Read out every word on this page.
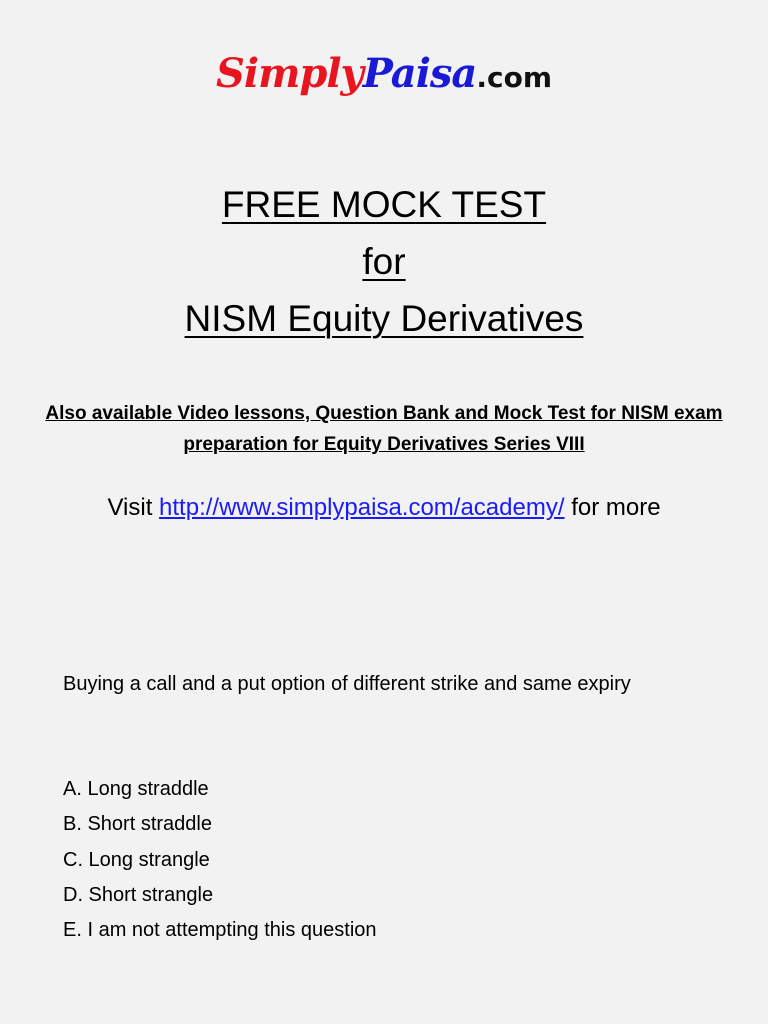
SimplyPaisa.com
FREE MOCK TEST
for
NISM Equity Derivatives
Also available Video lessons, Question Bank and Mock Test for NISM exam preparation for Equity Derivatives Series VIII
Visit http://www.simplypaisa.com/academy/ for more
Buying a call and a put option of different strike and same expiry
A. Long straddle
B. Short straddle
C. Long strangle
D. Short strangle
E. I am not attempting this question
